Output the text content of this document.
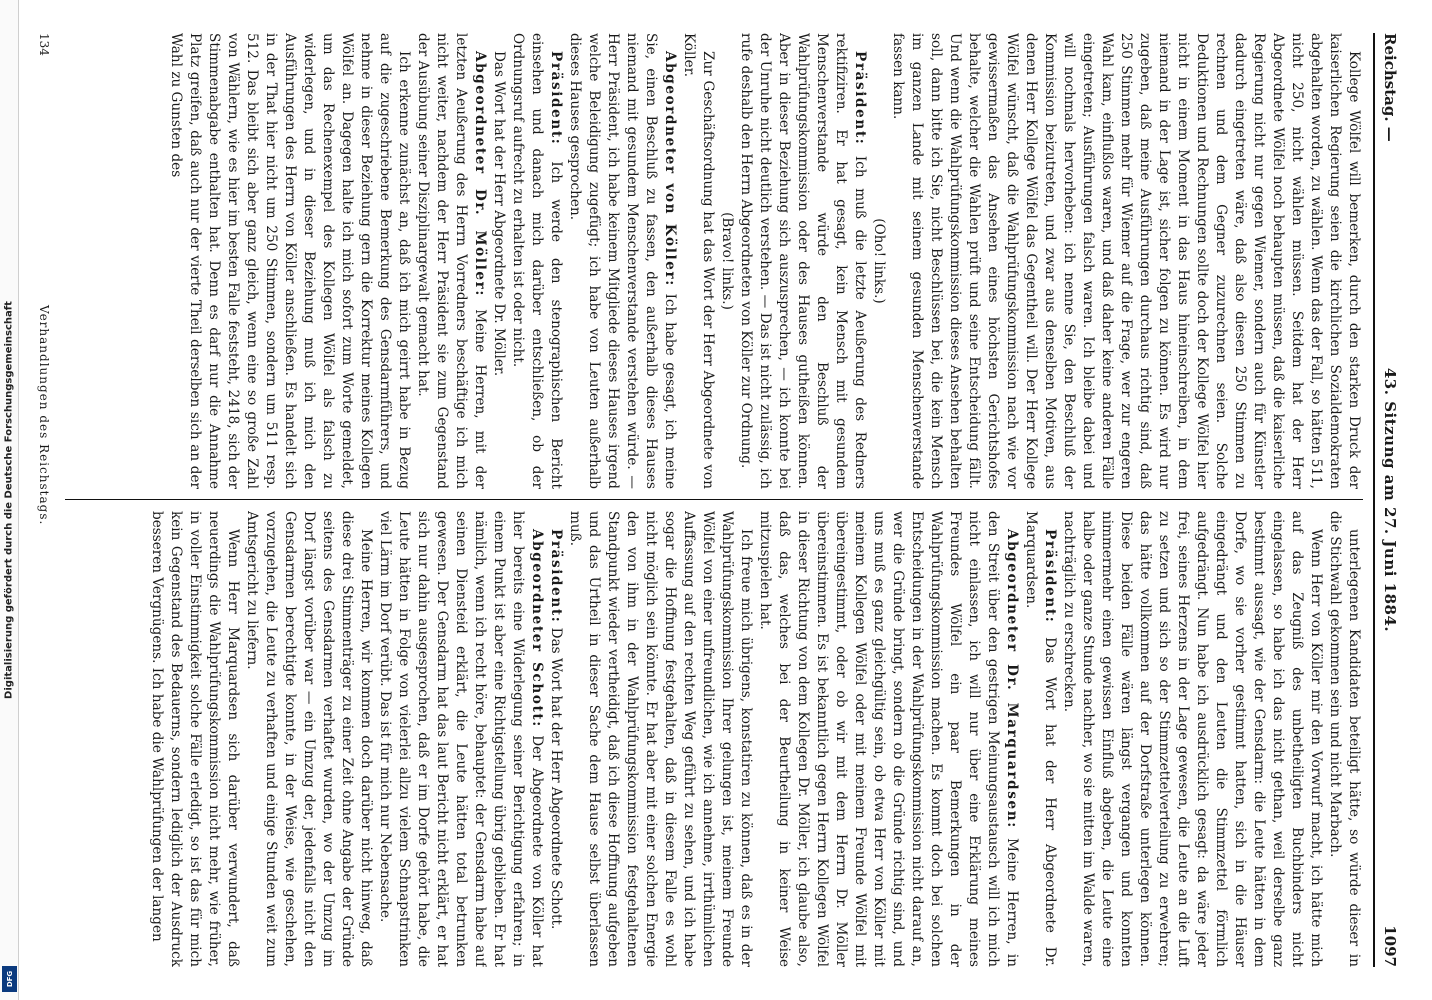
Digitalisierung gefördert durch die Deutsche Forschungsgemeinschaft
DFG
Reichstag. —
43. Sitzung am 27. Juni 1884.
1097

Kollege Wölfel will bemerken, durch den starken Druck der kaiserlichen Regierung seien die kirchlichen Sozialdemokraten abgehalten worden, zu wählen. Wenn das der Fall, so hätten 511, nicht 250, nicht wählen müssen. Seitdem hat der Herr Abgeordnete Wölfel noch behaupten müssen, daß die kaiserliche Regierung nicht nur gegen Wiemer, sondern auch für Künstler dadurch eingetreten wäre, daß also diesen 250 Stimmen zu rechnen und dem Gegner zuzurechnen seien. Solche Deduktionen und Rechnungen sollte doch der Kollege Wölfel hier nicht in einem Moment in das Haus hineinschreiben, in dem niemand in der Lage ist, sicher folgen zu können. Es wird nur zugeben, daß meine Ausführungen durchaus richtig sind, daß 250 Stimmen mehr für Wiemer auf die Frage, wer zur engeren Wahl kam, einflußlos waren, und daß daher keine anderen Fälle eingetreten; Ausführungen falsch waren. Ich bleibe dabei und will nochmals hervorheben: ich nenne Sie, den Beschluß der Kommission beizutreten, und zwar aus denselben Motiven, aus denen Herr Kollege Wölfel das Gegentheil will. Der Herr Kollege Wölfel wünscht, daß die Wahlprüfungskommission nach wie vor gewissermaßen das Ansehen eines höchsten Gerichtshofes behalte, welcher die Wahlen prüft und seine Entscheidung fällt. Und wenn die Wahlprüfungskommission dieses Ansehen behalten soll, dann bitte ich Sie, nicht Beschlüssen bei, die kein Mensch im ganzen Lande mit seinem gesunden Menschenverstande fassen kann.

(Oho! links.)

Präsident: Ich muß die letzte Aeußerung des Redners rektifiziren. Er hat gesagt, kein Mensch mit gesundem Menschenverstande würde den Beschluß der Wahlprüfungskommission oder des Hauses gutheißen können. Aber in dieser Beziehung sich auszusprechen, — ich konnte bei der Unruhe nicht deutlich verstehen. — Das ist nicht zulässig, ich rufe deshalb den Herrn Abgeordneten von Köller zur Ordnung.

(Bravo! links.)

Zur Geschäftsordnung hat das Wort der Herr Abgeordnete von Köller.

Abgeordneter von Köller: Ich habe gesagt, ich meine Sie, einen Beschluß zu fassen, den außerhalb dieses Hauses niemand mit gesundem Menschenverstande verstehen würde. — Herr Präsident, ich habe keinem Mitgliede dieses Hauses irgend welche Beleidigung zugefügt; ich habe von Leuten außerhalb dieses Hauses gesprochen.

Präsident: Ich werde den stenographischen Bericht einsehen und danach mich darüber entschließen, ob der Ordnungsruf aufrecht zu erhalten ist oder nicht.

Das Wort hat der Herr Abgeordnete Dr. Möller.

Abgeordneter Dr. Möller: Meine Herren, mit der letzten Aeußerung des Herrn Vorredners beschäftige ich mich nicht weiter, nachdem der Herr Präsident sie zum Gegenstand der Ausübung seiner Disziplinargewalt gemacht hat.

Ich erkenne zunächst an, daß ich mich geirrt habe in Bezug auf die zugeschriebene Bemerkung des Gensdarmführers, und nehme in dieser Beziehung gern die Korrektur meines Kollegen Wölfel an. Dagegen halte ich mich sofort zum Worte gemeldet, um das Rechenexempel des Kollegen Wölfel als falsch zu widerlegen, und in dieser Beziehung muß ich mich den Ausführungen des Herrn von Köller anschließen. Es handelt sich in der That hier nicht um 250 Stimmen, sondern um 511 resp. 512. Das bleibt sich aber ganz gleich, wenn eine so große Zahl von Wählern, wie es hier im besten Falle feststeht, 2418, sich der Stimmenabgabe enthalten hat. Denn es darf nur die Annahme Platz greifen, daß auch nur der vierte Theil derselben sich an der Wahl zu Gunsten des

unterlegenen Kandidaten beteiligt hätte, so würde dieser in die Stichwahl gekommen sein und nicht Marbach.

Wenn Herr von Köller mir den Vorwurf macht, ich hätte mich auf das Zeugniß des unbetheiligten Buchbinders nicht eingelassen, so habe ich das nicht gethan, weil derselbe ganz bestimmt aussagt, wie der Gensdarm: die Leute hätten in dem Dorfe, wo sie vorher gestimmt hatten, sich in die Häuser eingedrängt und den Leuten die Stimmzettel förmlich aufgedrängt. Nun habe ich ausdrücklich gesagt: da wäre jeder frei, seines Herzens in der Lage gewesen, die Leute an die Luft zu setzen und sich so der Stimmzettelverteilung zu erwehren; das hätte vollkommen auf der Dorfstraße unterlegen können. Diese beiden Fälle wären längst vergangen und konnten nimmermehr einen gewissen Einfluß abgeben, die Leute eine halbe oder ganze Stunde nachher, wo sie mitten im Walde waren, nachträglich zu erschrecken.

Präsident: Das Wort hat der Herr Abgeordnete Dr. Marquardsen.

Abgeordneter Dr. Marquardsen: Meine Herren, in den Streit über den gestrigen Meinungsaustausch will ich mich nicht einlassen, ich will nur über eine Erklärung meines Freundes Wölfel ein paar Bemerkungen in der Wahlprüfungskommission machen. Es kommt doch bei solchen Entscheidungen in der Wahlprüfungskommission nicht darauf an, wer die Gründe bringt, sondern ob die Gründe richtig sind, und uns muß es ganz gleichgültig sein, ob etwa Herr von Köller mit meinem Kollegen Wölfel oder mit meinem Freunde Wölfel mit übereingestimmt, oder ob wir mit dem Herrn Dr. Möller übereinstimmen. Es ist bekanntlich gegen Herrn Kollegen Wölfel in dieser Richtung von dem Kollegen Dr. Möller, ich glaube also, daß das, welches bei der Beurtheilung in keiner Weise mitzuspielen hat.

Ich freue mich übrigens, konstatiren zu können, daß es in der Wahlprüfungskommission Ihrer gelungen ist, meinem Freunde Wölfel von einer unfreundlichen, wie ich annehme, irrthümlichen Auffassung auf den rechten Weg geführt zu sehen, und ich habe sogar die Hoffnung festgehalten, daß in diesem Falle es wohl nicht möglich sein könnte. Er hat aber mit einer solchen Energie den von ihm in der Wahlprüfungskommission festgehaltenen Standpunkt wieder vertheidigt, daß ich diese Hoffnung aufgeben und das Urtheil in dieser Sache dem Hause selbst überlassen muß.

Präsident: Das Wort hat der Herr Abgeordnete Schott.

Abgeordneter Schott: Der Abgeordnete von Köller hat hier bereits eine Widerlegung seiner Berichtigung erfahren; in einem Punkt ist aber eine Richtigstellung übrig geblieben. Er hat nämlich, wenn ich recht höre, behauptet: der Gensdarm habe auf seinen Diensteid erklärt, die Leute hätten total betrunken gewesen. Der Gensdarm hat das laut Bericht nicht erklärt, er hat sich nur dahin ausgesprochen, daß er im Dorfe gehört habe, die Leute hätten in Folge von vielerlei allzu vielem Schnapstrinken viel Lärm im Dorf verübt. Das ist für mich nur Nebensache.

Meine Herren, wir kommen doch darüber nicht hinweg, daß diese drei Stimmenträger zu einer Zeit ohne Angabe der Gründe seitens des Gensdarmen verhaftet wurden, wo der Umzug im Dorf längst vorüber war — ein Umzug der, jedenfalls nicht den Gensdarmen berechtigte konnte, in der Weise, wie geschehen, vorzugehen, die Leute zu verhaften und einige Stunden weit zum Amtsgericht zu liefern.

Wenn Herr Marquardsen sich darüber verwundert, daß neuerdings die Wahlprüfungskommission nicht mehr, wie früher, in voller Einstimmigkeit solche Fälle erledigt, so ist das für mich kein Gegenstand des Bedauerns, sondern lediglich der Ausdruck besseren Vergnügens. Ich habe die Wahlprüfungen der langen

134
Verhandlungen des Reichstags.
